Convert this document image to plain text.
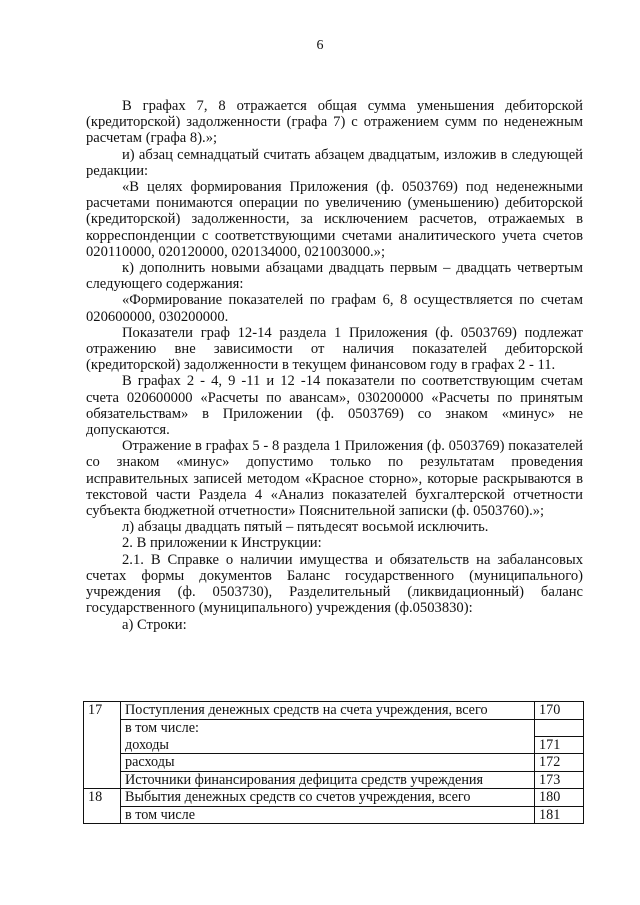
6

В графах 7, 8 отражается общая сумма уменьшения дебиторской (кредиторской) задолженности (графа 7) с отражением сумм по неденежным расчетам (графа 8).»;

и) абзац семнадцатый считать абзацем двадцатым, изложив в следующей редакции:

«В целях формирования Приложения (ф. 0503769) под неденежными расчетами понимаются операции по увеличению (уменьшению) дебиторской (кредиторской) задолженности, за исключением расчетов, отражаемых в корреспонденции с соответствующими счетами аналитического учета счетов 020110000, 020120000, 020134000, 021003000.»;

к) дополнить новыми абзацами двадцать первым – двадцать четвертым следующего содержания:

«Формирование показателей по графам 6, 8 осуществляется по счетам 020600000, 030200000.

Показатели граф 12-14 раздела 1 Приложения (ф. 0503769) подлежат отражению вне зависимости от наличия показателей дебиторской (кредиторской) задолженности в текущем финансовом году в графах 2 - 11.

В графах 2 - 4, 9 -11 и 12 -14 показатели по соответствующим счетам счета 020600000 «Расчеты по авансам», 030200000 «Расчеты по принятым обязательствам» в Приложении (ф. 0503769) со знаком «минус» не допускаются.

Отражение в графах 5 - 8 раздела 1 Приложения (ф. 0503769) показателей со знаком «минус» допустимо только по результатам проведения исправительных записей методом «Красное сторно», которые раскрываются в текстовой части Раздела 4 «Анализ показателей бухгалтерской отчетности субъекта бюджетной отчетности» Пояснительной записки (ф. 0503760).»;

л) абзацы двадцать пятый – пятьдесят восьмой исключить.

2. В приложении к Инструкции:

2.1. В Справке о наличии имущества и обязательств на забалансовых счетах формы документов Баланс государственного (муниципального) учреждения (ф. 0503730), Разделительный (ликвидационный) баланс государственного (муниципального) учреждения (ф.0503830):

а) Строки:

17	Поступления денежных средств на счета учреждения, всего	170
	в том числе:	
	доходы	171
	расходы	172
	Источники финансирования дефицита средств учреждения	173
18	Выбытия денежных средств со счетов учреждения, всего	180
	в том числе	181
